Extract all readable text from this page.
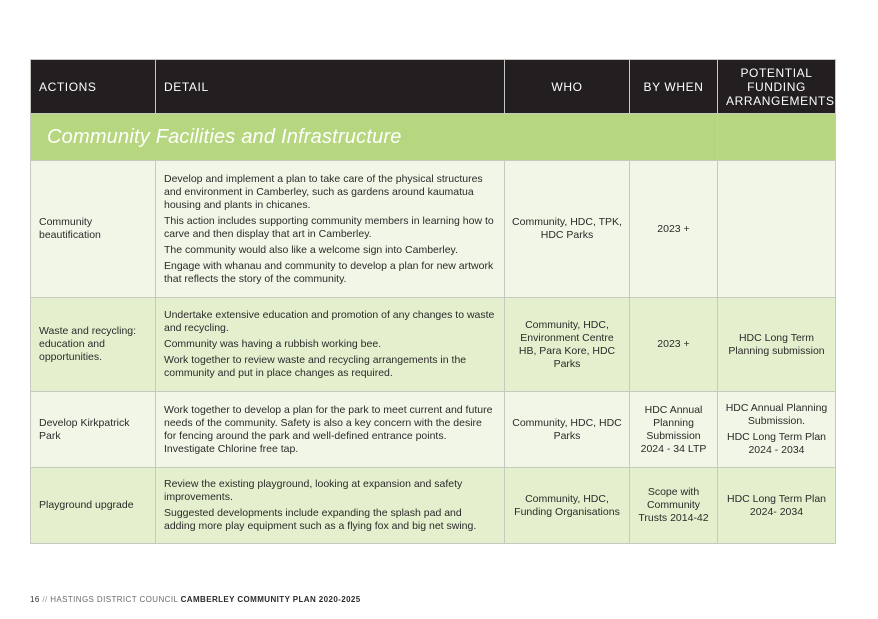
ACTIONS	DETAIL	WHO	BY WHEN	POTENTIAL
FUNDING
ARRANGEMENTS

Community Facilities and Infrastructure				
Community beautification	Develop and implement a plan to take care of the physical structures and environment in Camberley, such as gardens around kaumatua housing and plants in chicanes.

This action includes supporting community members in learning how to carve and then display that art in Camberley.

The community would also like a welcome sign into Camberley.

Engage with whanau and community to develop a plan for new artwork that reflects the story of the community.	Community, HDC, TPK, HDC Parks	2023 +	
Waste and recycling: education and opportunities.	Undertake extensive education and promotion of any changes to waste and recycling.

Community was having a rubbish working bee.

Work together to review waste and recycling arrangements in the community and put in place changes as required.	Community, HDC, Environment Centre HB, Para Kore, HDC Parks	2023 +	HDC Long Term Planning submission

Develop Kirkpatrick Park	Work together to develop a plan for the park to meet current and future needs of the community. Safety is also a key concern with the desire for fencing around the park and well-defined entrance points. Investigate Chlorine free tap.	Community, HDC, HDC Parks	HDC Annual Planning Submission 2024 - 34 LTP	HDC Annual Planning Submission.

HDC Long Term Plan 2024 - 2034

Playground upgrade	Review the existing playground, looking at expansion and safety improvements.

Suggested developments include expanding the splash pad and adding more play equipment such as a flying fox and big net swing.	Community, HDC, Funding Organisations	Scope with Community Trusts 2014-42	HDC Long Term Plan 2024- 2034

16 // HASTINGS DISTRICT COUNCIL CAMBERLEY COMMUNITY PLAN 2020-2025
